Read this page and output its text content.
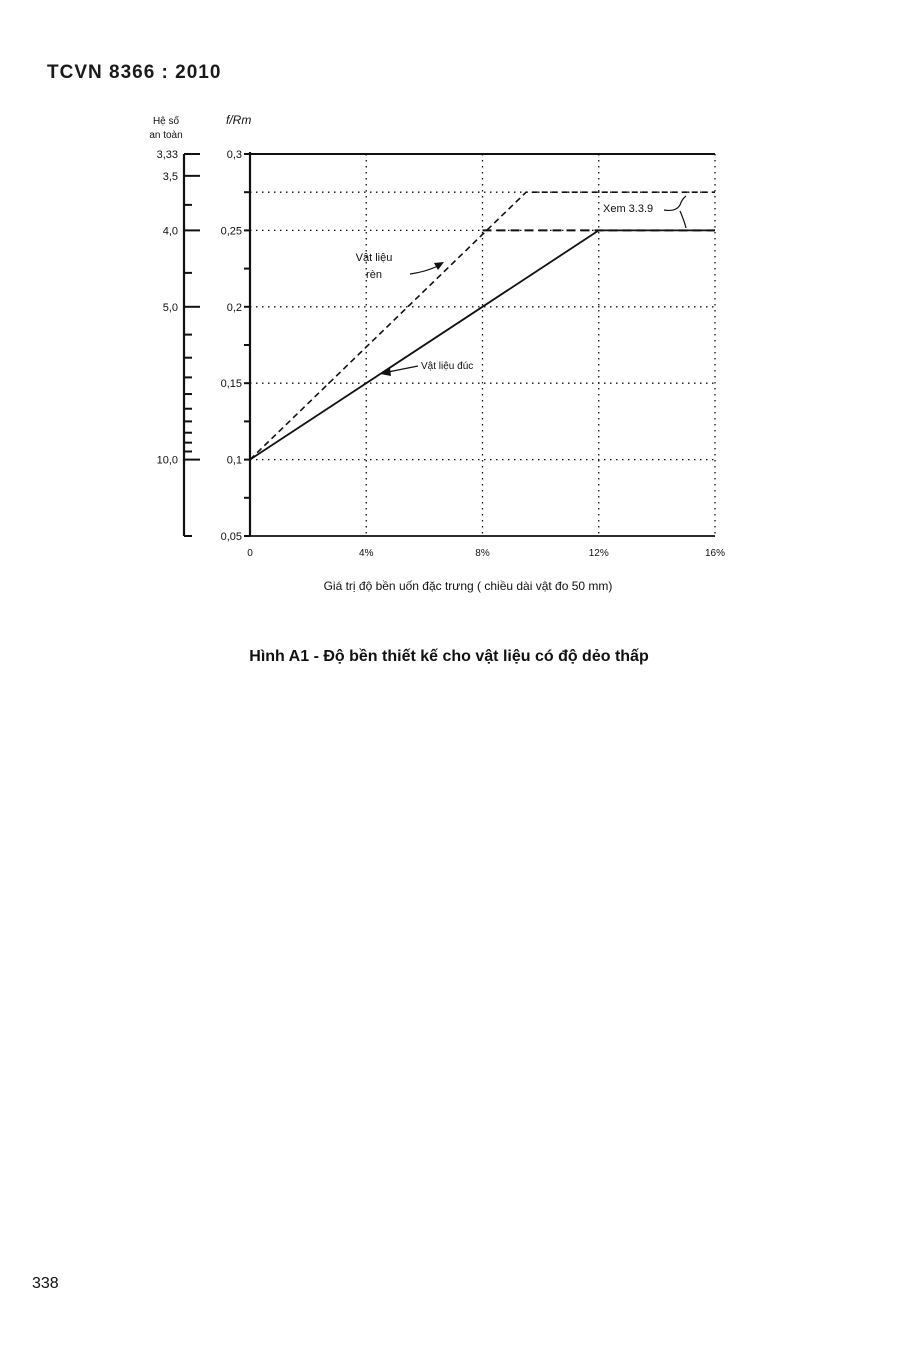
TCVN 8366 : 2010
0,05
0,1
0,15
0,2
0,25
0,3
0	4%	8%	12%	16%
Giá trị độ bền uốn đặc trưng ( chiều dài vật đo 50 mm)
f/Rm
Hệ số
an toàn
3,33
3,5
4,0
5,0
10,0
Vật liệu
rèn
Vật liệu đúc
Xem 3.3.9
Hình A1 - Độ bền thiết kế cho vật liệu có độ dẻo thấp
338
